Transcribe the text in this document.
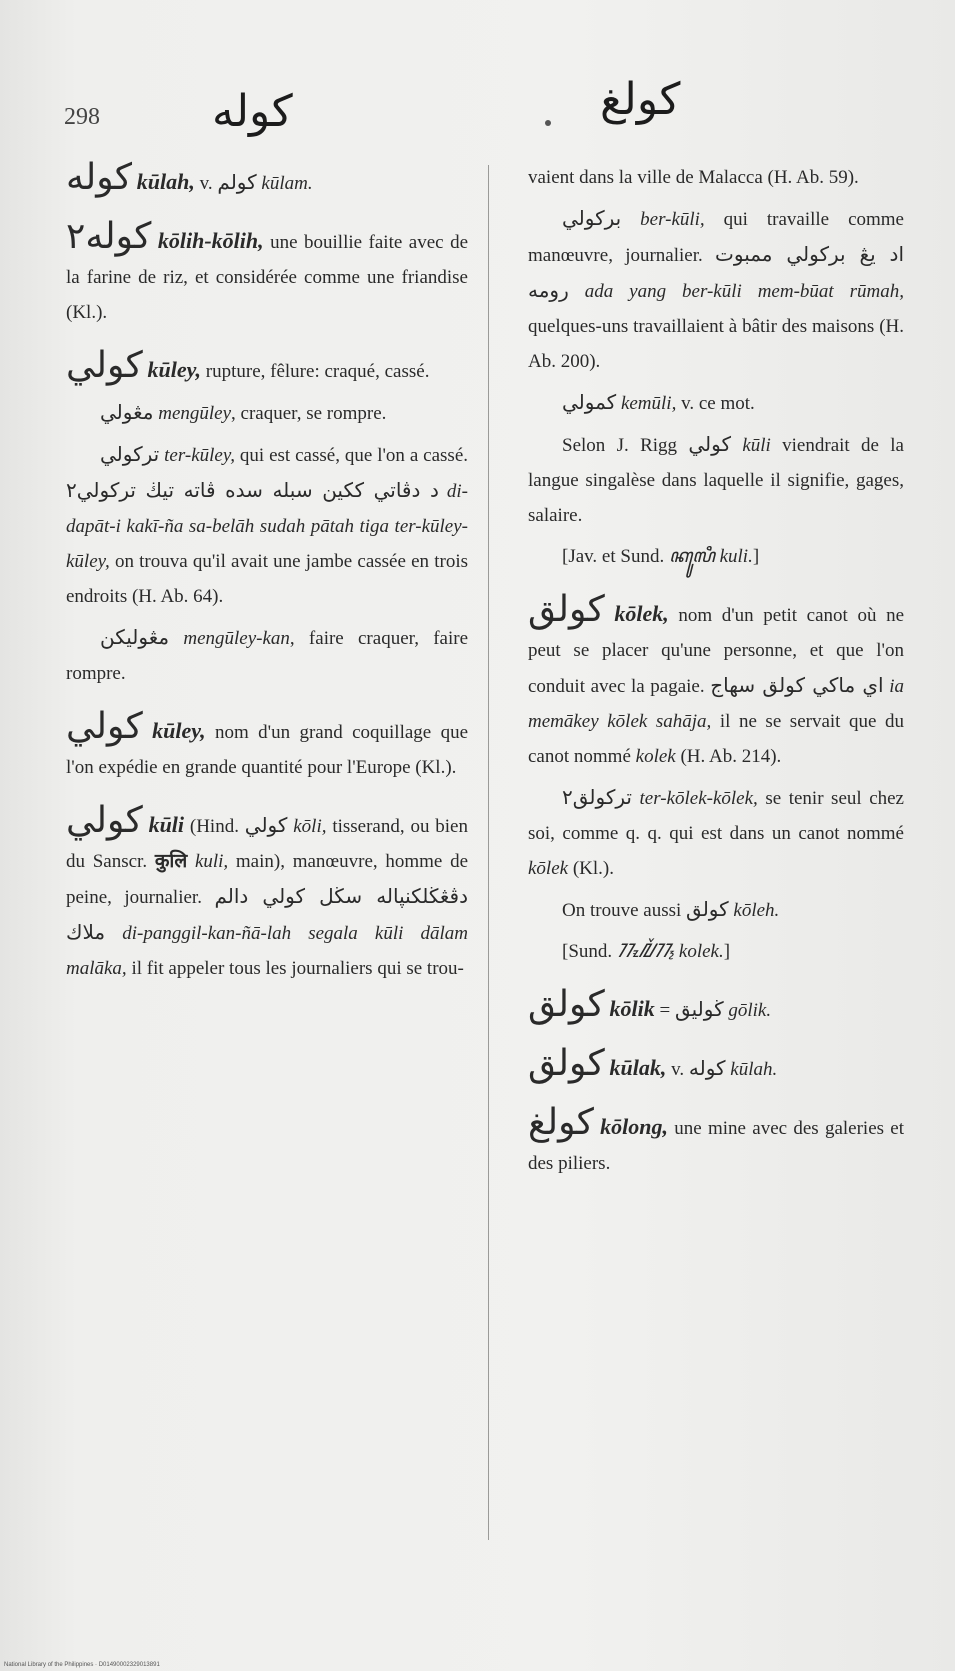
298	كوله	كولغ

كوله kūlah, v. كولم kūlam.

كوله٢ kōlih-kōlih, une bouillie faite avec de la farine de riz, et considérée comme une friandise (Kl.).

كولي kūley, rupture, fêlure: craqué, cassé.

مڠولي mengūley, craquer, se rompre.

ترکولي ter-kūley, qui est cassé, que l'on a cassé. د دڤاتي ککين سبله سده ڤاته تيڬ ترکولي٢ di-dapāt-i kakī-ña sa-belāh sudah pātah tiga ter-kūley-kūley, on trouva qu'il avait une jambe cassée en trois endroits (H. Ab. 64).

مڠوليکن mengūley-kan, faire craquer, faire rompre.

كولي kūley, nom d'un grand coquillage que l'on expédie en grande quantité pour l'Europe (Kl.).

كولي kūli (Hind. كولي kōli, tisserand, ou bien du Sanscr. कुलि kuli, main), manœuvre, homme de peine, journalier. دڤڠڬلکنڽاله سڬل كولي دالم ملاك di-panggil-kan-ñā-lah segala kūli dālam malāka, il fit appeler tous les journaliers qui se trou-

vaient dans la ville de Malacca (H. Ab. 59).

برکولي ber-kūli, qui travaille comme manœuvre, journalier. اد يڠ برکولي ممبوت رومه ada yang ber-kūli mem-būat rūmah, quelques-uns travaillaient à bâtir des maisons (H. Ab. 200).

کمولي kemūli, v. ce mot.

Selon J. Rigg كولي kūli viendrait de la langue singalèse dans laquelle il signifie, gages, salaire.

[Jav. et Sund. ꦏꦸꦭꦶ kuli.]

كولق kōlek, nom d'un petit canot où ne peut se placer qu'une personne, et que l'on conduit avec la pagaie. اي ماکي كولق سهاج ia memākey kōlek sahāja, il ne se servait que du canot nommé kolek (H. Ab. 214).

ترکولق٢ ter-kōlek-kōlek, se tenir seul chez soi, comme q. q. qui est dans un canot nommé kōlek (Kl.).

On trouve aussi كولق kōleh.

[Sund. ᮊᮧᮜᮨᮊ᮪ kolek.]

كولق kōlik = ڬوليق gōlik.

كولق kūlak, v. كوله kūlah.

كولغ kōlong, une mine avec des galeries et des piliers.

National Library of the Philippines · D01490002329013891
